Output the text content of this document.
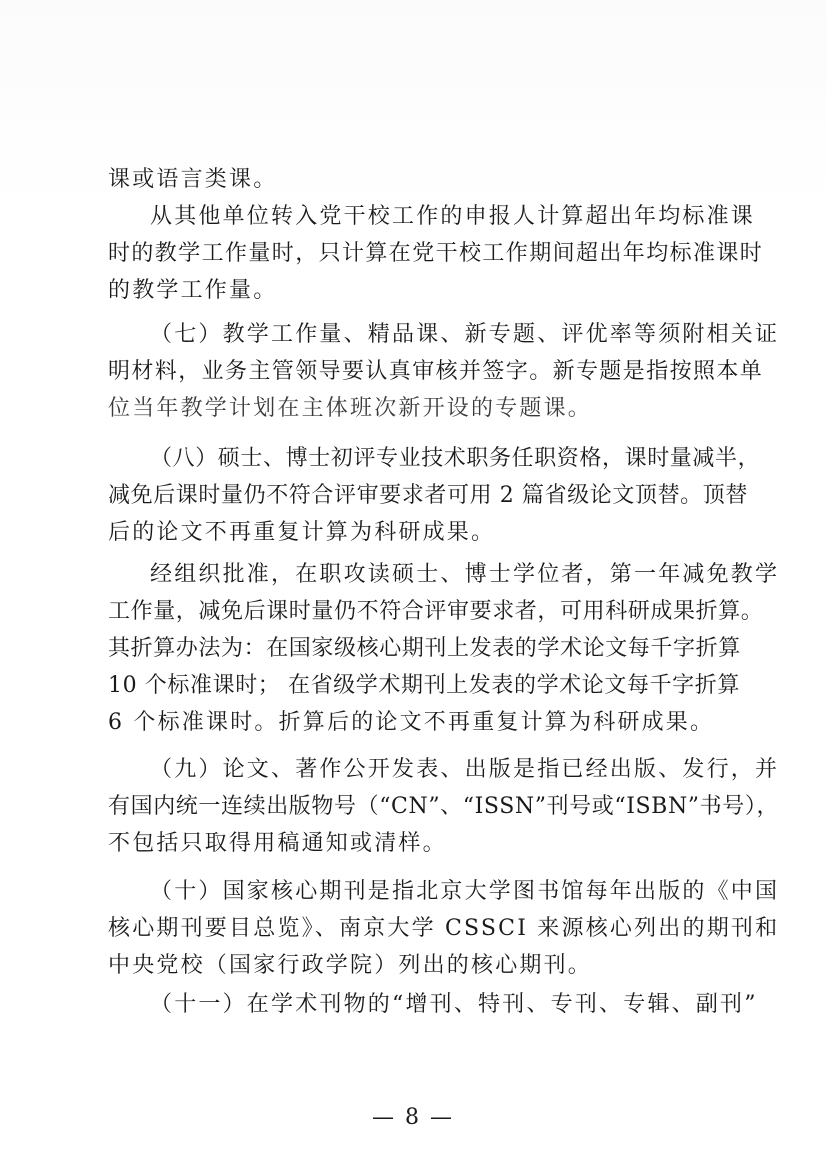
课或语言类课。
从其他单位转入党干校工作的申报人计算超出年均标准课
时的教学工作量时，只计算在党干校工作期间超出年均标准课时
的教学工作量。
（七）教学工作量、精品课、新专题、评优率等须附相关证
明材料，业务主管领导要认真审核并签字。新专题是指按照本单
位当年教学计划在主体班次新开设的专题课。
（八）硕士、博士初评专业技术职务任职资格，课时量减半，
减免后课时量仍不符合评审要求者可用 2 篇省级论文顶替。顶替
后的论文不再重复计算为科研成果。
经组织批准，在职攻读硕士、博士学位者，第一年减免教学
工作量，减免后课时量仍不符合评审要求者，可用科研成果折算。
其折算办法为：在国家级核心期刊上发表的学术论文每千字折算
10 个标准课时； 在省级学术期刊上发表的学术论文每千字折算
6 个标准课时。折算后的论文不再重复计算为科研成果。
（九）论文、著作公开发表、出版是指已经出版、发行，并
有国内统一连续出版物号（“CN”、“ISSN”刊号或“ISBN”书号），
不包括只取得用稿通知或清样。
（十）国家核心期刊是指北京大学图书馆每年出版的《中国
核心期刊要目总览》、南京大学 CSSCI 来源核心列出的期刊和
中央党校（国家行政学院）列出的核心期刊。
（十一）在学术刊物的“增刊、特刊、专刊、专辑、副刊”
— 8 —
